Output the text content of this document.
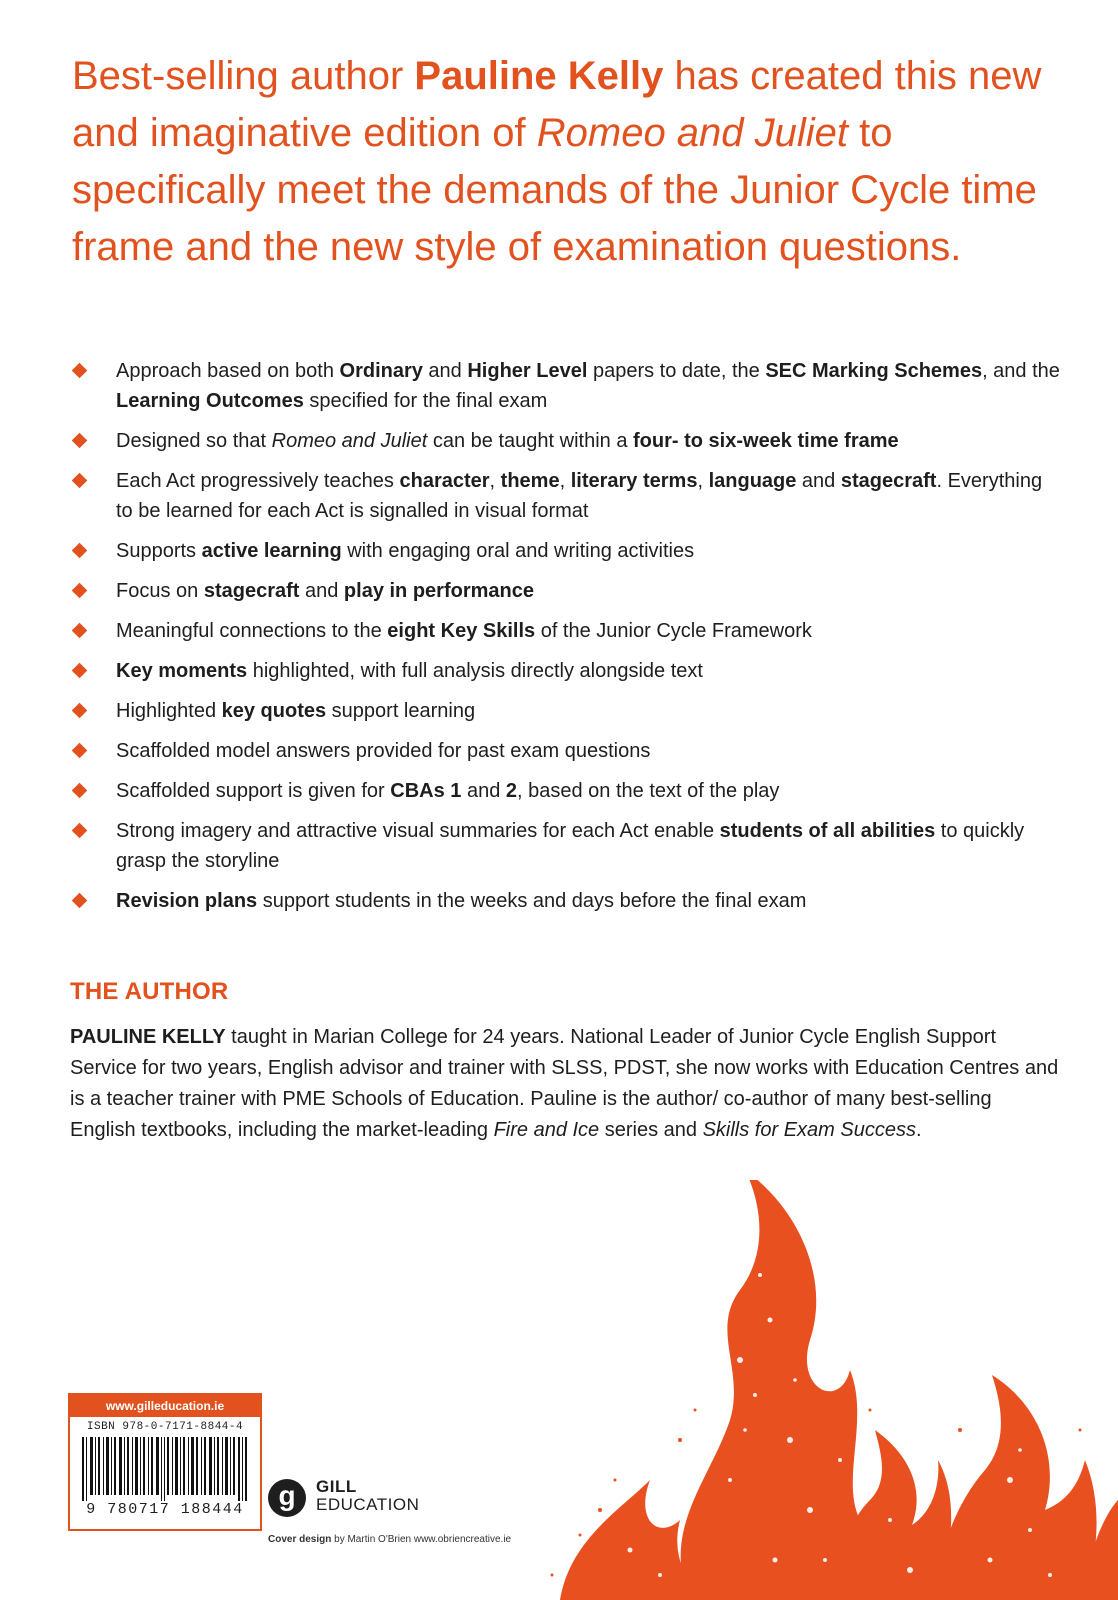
Best-selling author Pauline Kelly has created this new and imaginative edition of Romeo and Juliet to specifically meet the demands of the Junior Cycle time frame and the new style of examination questions.
Approach based on both Ordinary and Higher Level papers to date, the SEC Marking Schemes, and the Learning Outcomes specified for the final exam
Designed so that Romeo and Juliet can be taught within a four- to six-week time frame
Each Act progressively teaches character, theme, literary terms, language and stagecraft. Everything to be learned for each Act is signalled in visual format
Supports active learning with engaging oral and writing activities
Focus on stagecraft and play in performance
Meaningful connections to the eight Key Skills of the Junior Cycle Framework
Key moments highlighted, with full analysis directly alongside text
Highlighted key quotes support learning
Scaffolded model answers provided for past exam questions
Scaffolded support is given for CBAs 1 and 2, based on the text of the play
Strong imagery and attractive visual summaries for each Act enable students of all abilities to quickly grasp the storyline
Revision plans support students in the weeks and days before the final exam
THE AUTHOR

PAULINE KELLY taught in Marian College for 24 years. National Leader of Junior Cycle English Support Service for two years, English advisor and trainer with SLSS, PDST, she now works with Education Centres and is a teacher trainer with PME Schools of Education. Pauline is the author/ co-author of many best-selling English textbooks, including the market-leading Fire and Ice series and Skills for Exam Success.

www.gilleducation.ie
ISBN 978-0-7171-8844-4
9 780717 188444	g	GILL
EDUCATION
Cover design by Martin O'Brien www.obriencreative.ie
